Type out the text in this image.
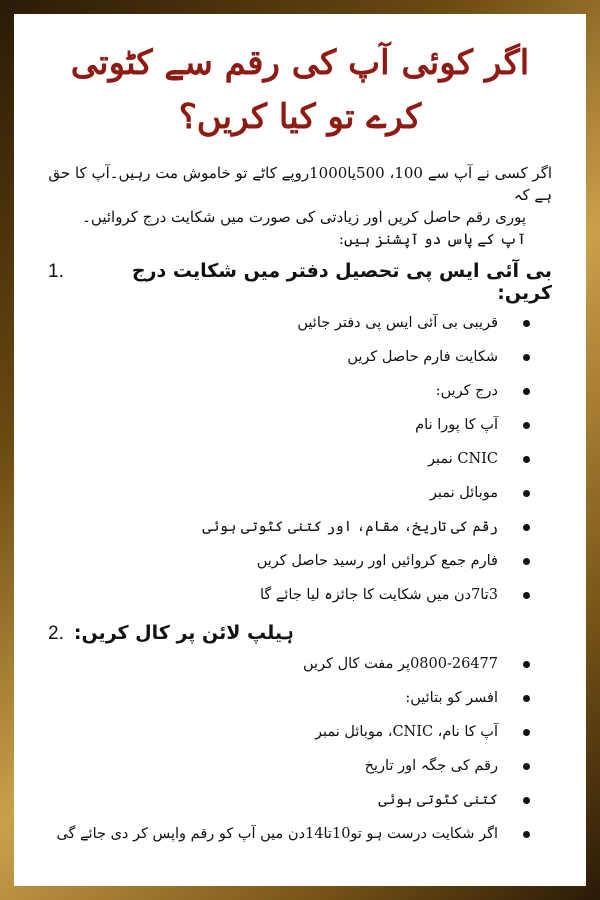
اگر کوئی آپ کی رقم سے کٹوتی کرے تو کیا کریں؟

اگر کسی نے آپ سے 100، 500یا1000روپے کاٹے تو خاموش مت رہیں۔آپ کا حق ہے کہ

پوری رقم حاصل کریں اور زیادتی کی صورت میں شکایت درج کروائیں۔

آپ کے پاس دو آپشنز ہیں:

1.	بی آئی ایس پی تحصیل دفتر میں شکایت درج کریں:
قریبی بی آئی ایس پی دفتر جائیں
شکایت فارم حاصل کریں
درج کریں:
آپ کا پورا نام
CNIC نمبر
موبائل نمبر
رقم کی تاریخ، مقام، اور کتنی کٹوتی ہوئی
فارم جمع کروائیں اور رسید حاصل کریں
3تا7دن میں شکایت کا جائزہ لیا جائے گا
2. ہیلپ لائن پر کال کریں:
0800-26477پر مفت کال کریں
افسر کو بتائیں:
آپ کا نام، CNIC، موبائل نمبر
رقم کی جگہ اور تاریخ
کتنی کٹوتی ہوئی
اگر شکایت درست ہو تو10تا14دن میں آپ کو رقم واپس کر دی جائے گی
